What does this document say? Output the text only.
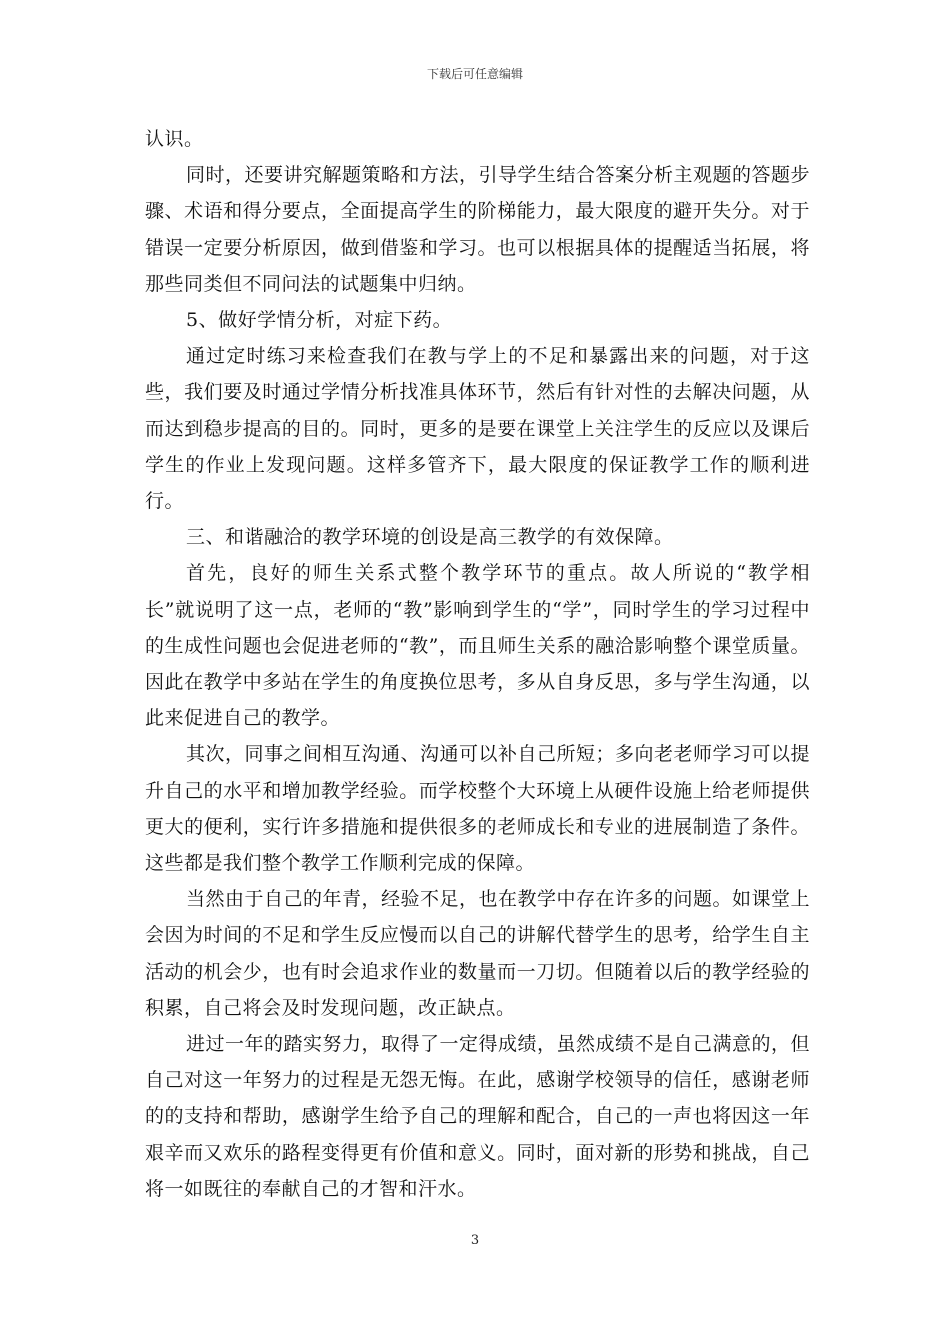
下载后可任意编辑

认识。

同时，还要讲究解题策略和方法，引导学生结合答案分析主观题的答题步骤、术语和得分要点，全面提高学生的阶梯能力，最大限度的避开失分。对于错误一定要分析原因，做到借鉴和学习。也可以根据具体的提醒适当拓展，将那些同类但不同问法的试题集中归纳。

5、做好学情分析，对症下药。

通过定时练习来检查我们在教与学上的不足和暴露出来的问题，对于这些，我们要及时通过学情分析找准具体环节，然后有针对性的去解决问题，从而达到稳步提高的目的。同时，更多的是要在课堂上关注学生的反应以及课后学生的作业上发现问题。这样多管齐下，最大限度的保证教学工作的顺利进行。

三、和谐融洽的教学环境的创设是高三教学的有效保障。

首先，良好的师生关系式整个教学环节的重点。故人所说的“教学相长”就说明了这一点，老师的“教”影响到学生的“学”，同时学生的学习过程中的生成性问题也会促进老师的“教”，而且师生关系的融洽影响整个课堂质量。因此在教学中多站在学生的角度换位思考，多从自身反思，多与学生沟通，以此来促进自己的教学。

其次，同事之间相互沟通、沟通可以补自己所短；多向老老师学习可以提升自己的水平和增加教学经验。而学校整个大环境上从硬件设施上给老师提供更大的便利，实行许多措施和提供很多的老师成长和专业的进展制造了条件。这些都是我们整个教学工作顺利完成的保障。

当然由于自己的年青，经验不足，也在教学中存在许多的问题。如课堂上会因为时间的不足和学生反应慢而以自己的讲解代替学生的思考，给学生自主活动的机会少，也有时会追求作业的数量而一刀切。但随着以后的教学经验的积累，自己将会及时发现问题，改正缺点。

进过一年的踏实努力，取得了一定得成绩，虽然成绩不是自己满意的，但自己对这一年努力的过程是无怨无悔。在此，感谢学校领导的信任，感谢老师的的支持和帮助，感谢学生给予自己的理解和配合，自己的一声也将因这一年艰辛而又欢乐的路程变得更有价值和意义。同时，面对新的形势和挑战，自己将一如既往的奉献自己的才智和汗水。

3
